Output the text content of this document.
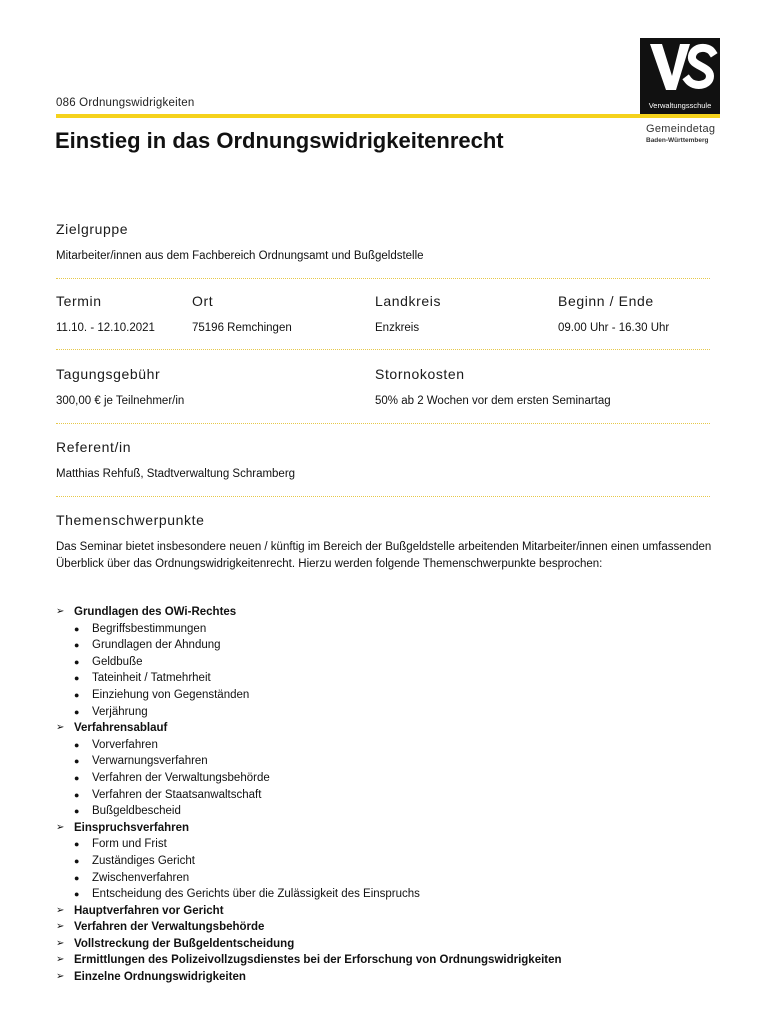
086 Ordnungswidrigkeiten
Einstieg in das Ordnungswidrigkeitenrecht
Verwaltungsschule
Gemeindetag
Baden-Württemberg
Zielgruppe
Mitarbeiter/innen aus dem Fachbereich Ordnungsamt und Bußgeldstelle
Termin	Ort	Landkreis	Beginn / Ende
11.10. - 12.10.2021	75196 Remchingen	Enzkreis	09.00 Uhr - 16.30 Uhr
Tagungsgebühr	Stornokosten
300,00 € je Teilnehmer/in	50% ab 2 Wochen vor dem ersten Seminartag
Referent/in
Matthias Rehfuß, Stadtverwaltung Schramberg
Themenschwerpunkte
Das Seminar bietet insbesondere neuen / künftig im Bereich der Bußgeldstelle arbeitenden Mitarbeiter/innen einen umfassenden Überblick über das Ordnungswidrigkeitenrecht. Hierzu werden folgende Themenschwerpunkte besprochen:
➢ Grundlagen des OWi-Rechtes
● Begriffsbestimmungen
● Grundlagen der Ahndung
● Geldbuße
● Tateinheit / Tatmehrheit
● Einziehung von Gegenständen
● Verjährung
➢ Verfahrensablauf
● Vorverfahren
● Verwarnungsverfahren
● Verfahren der Verwaltungsbehörde
● Verfahren der Staatsanwaltschaft
● Bußgeldbescheid
➢ Einspruchsverfahren
● Form und Frist
● Zuständiges Gericht
● Zwischenverfahren
● Entscheidung des Gerichts über die Zulässigkeit des Einspruchs
➢ Hauptverfahren vor Gericht
➢ Verfahren der Verwaltungsbehörde
➢ Vollstreckung der Bußgeldentscheidung
➢ Ermittlungen des Polizeivollzugsdienstes bei der Erforschung von Ordnungswidrigkeiten
➢ Einzelne Ordnungswidrigkeiten
